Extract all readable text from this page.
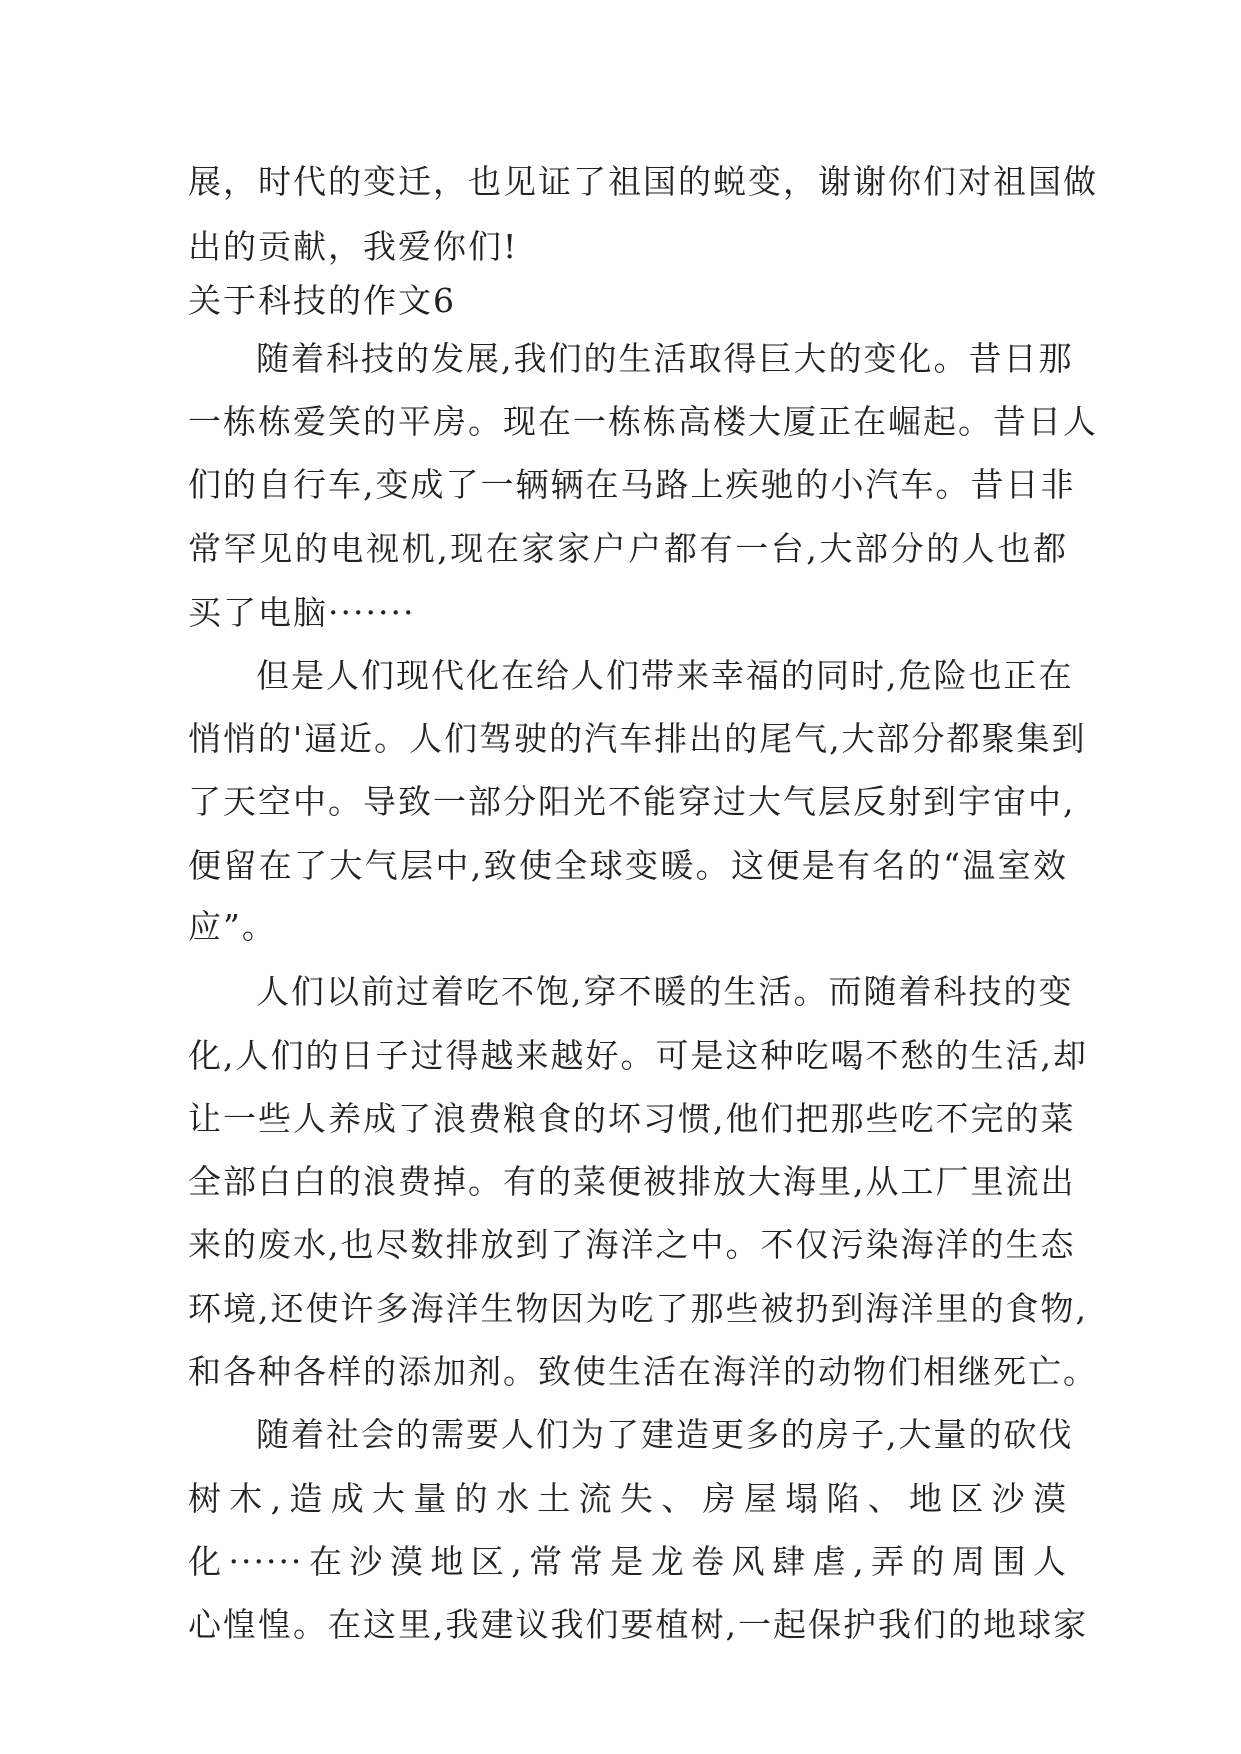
展，时代的变迁，也见证了祖国的蜕变，谢谢你们对祖国做
出的贡献，我爱你们!
关于科技的作文6
随着科技的发展,我们的生活取得巨大的变化。昔日那
一栋栋爱笑的平房。现在一栋栋高楼大厦正在崛起。昔日人
们的自行车,变成了一辆辆在马路上疾驰的小汽车。昔日非
常罕见的电视机,现在家家户户都有一台,大部分的人也都
买了电脑·······
但是人们现代化在给人们带来幸福的同时,危险也正在
悄悄的'逼近。人们驾驶的汽车排出的尾气,大部分都聚集到
了天空中。导致一部分阳光不能穿过大气层反射到宇宙中,
便留在了大气层中,致使全球变暖。这便是有名的“温室效
应”。
人们以前过着吃不饱,穿不暖的生活。而随着科技的变
化,人们的日子过得越来越好。可是这种吃喝不愁的生活,却
让一些人养成了浪费粮食的坏习惯,他们把那些吃不完的菜
全部白白的浪费掉。有的菜便被排放大海里,从工厂里流出
来的废水,也尽数排放到了海洋之中。不仅污染海洋的生态
环境,还使许多海洋生物因为吃了那些被扔到海洋里的食物,
和各种各样的添加剂。致使生活在海洋的动物们相继死亡。
随着社会的需要人们为了建造更多的房子,大量的砍伐
树木,造成大量的水土流失、房屋塌陷、地区沙漠
化······在沙漠地区,常常是龙卷风肆虐,弄的周围人
心惶惶。在这里,我建议我们要植树,一起保护我们的地球家
